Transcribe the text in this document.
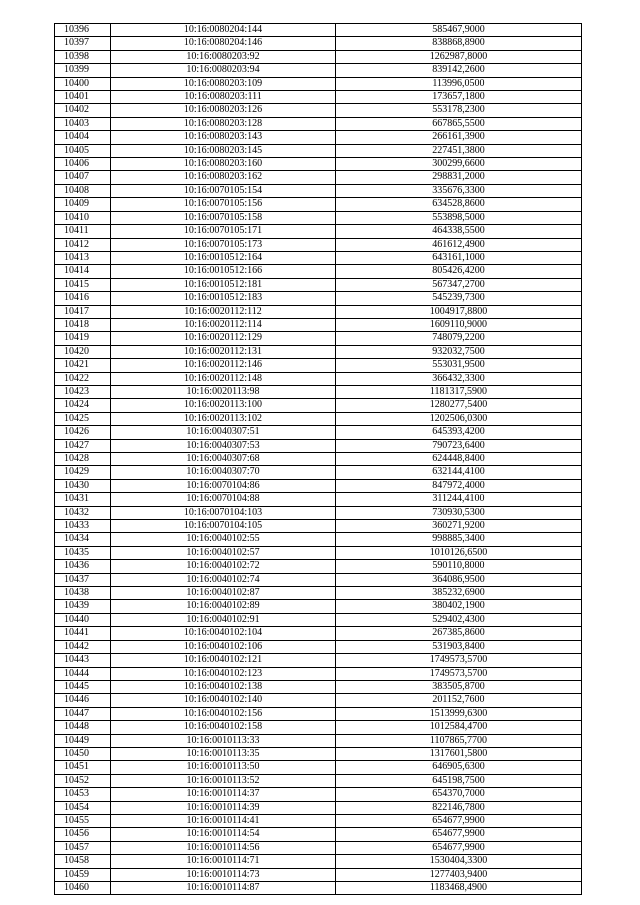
10396	10:16:0080204:144	585467,9000
10397	10:16:0080204:146	838868,8900
10398	10:16:0080203:92	1262987,8000
10399	10:16:0080203:94	839142,2600
10400	10:16:0080203:109	113996,0500
10401	10:16:0080203:111	173657,1800
10402	10:16:0080203:126	553178,2300
10403	10:16:0080203:128	667865,5500
10404	10:16:0080203:143	266161,3900
10405	10:16:0080203:145	227451,3800
10406	10:16:0080203:160	300299,6600
10407	10:16:0080203:162	298831,2000
10408	10:16:0070105:154	335676,3300
10409	10:16:0070105:156	634528,8600
10410	10:16:0070105:158	553898,5000
10411	10:16:0070105:171	464338,5500
10412	10:16:0070105:173	461612,4900
10413	10:16:0010512:164	643161,1000
10414	10:16:0010512:166	805426,4200
10415	10:16:0010512:181	567347,2700
10416	10:16:0010512:183	545239,7300
10417	10:16:0020112:112	1004917,8800
10418	10:16:0020112:114	1609110,9000
10419	10:16:0020112:129	748079,2200
10420	10:16:0020112:131	932032,7500
10421	10:16:0020112:146	553031,9500
10422	10:16:0020112:148	366432,3300
10423	10:16:0020113:98	1181317,5900
10424	10:16:0020113:100	1280277,5400
10425	10:16:0020113:102	1202506,0300
10426	10:16:0040307:51	645393,4200
10427	10:16:0040307:53	790723,6400
10428	10:16:0040307:68	624448,8400
10429	10:16:0040307:70	632144,4100
10430	10:16:0070104:86	847972,4000
10431	10:16:0070104:88	311244,4100
10432	10:16:0070104:103	730930,5300
10433	10:16:0070104:105	360271,9200
10434	10:16:0040102:55	998885,3400
10435	10:16:0040102:57	1010126,6500
10436	10:16:0040102:72	590110,8000
10437	10:16:0040102:74	364086,9500
10438	10:16:0040102:87	385232,6900
10439	10:16:0040102:89	380402,1900
10440	10:16:0040102:91	529402,4300
10441	10:16:0040102:104	267385,8600
10442	10:16:0040102:106	531903,8400
10443	10:16:0040102:121	1749573,5700
10444	10:16:0040102:123	1749573,5700
10445	10:16:0040102:138	383505,8700
10446	10:16:0040102:140	201152,7600
10447	10:16:0040102:156	1513999,6300
10448	10:16:0040102:158	1012584,4700
10449	10:16:0010113:33	1107865,7700
10450	10:16:0010113:35	1317601,5800
10451	10:16:0010113:50	646905,6300
10452	10:16:0010113:52	645198,7500
10453	10:16:0010114:37	654370,7000
10454	10:16:0010114:39	822146,7800
10455	10:16:0010114:41	654677,9900
10456	10:16:0010114:54	654677,9900
10457	10:16:0010114:56	654677,9900
10458	10:16:0010114:71	1530404,3300
10459	10:16:0010114:73	1277403,9400
10460	10:16:0010114:87	1183468,4900
